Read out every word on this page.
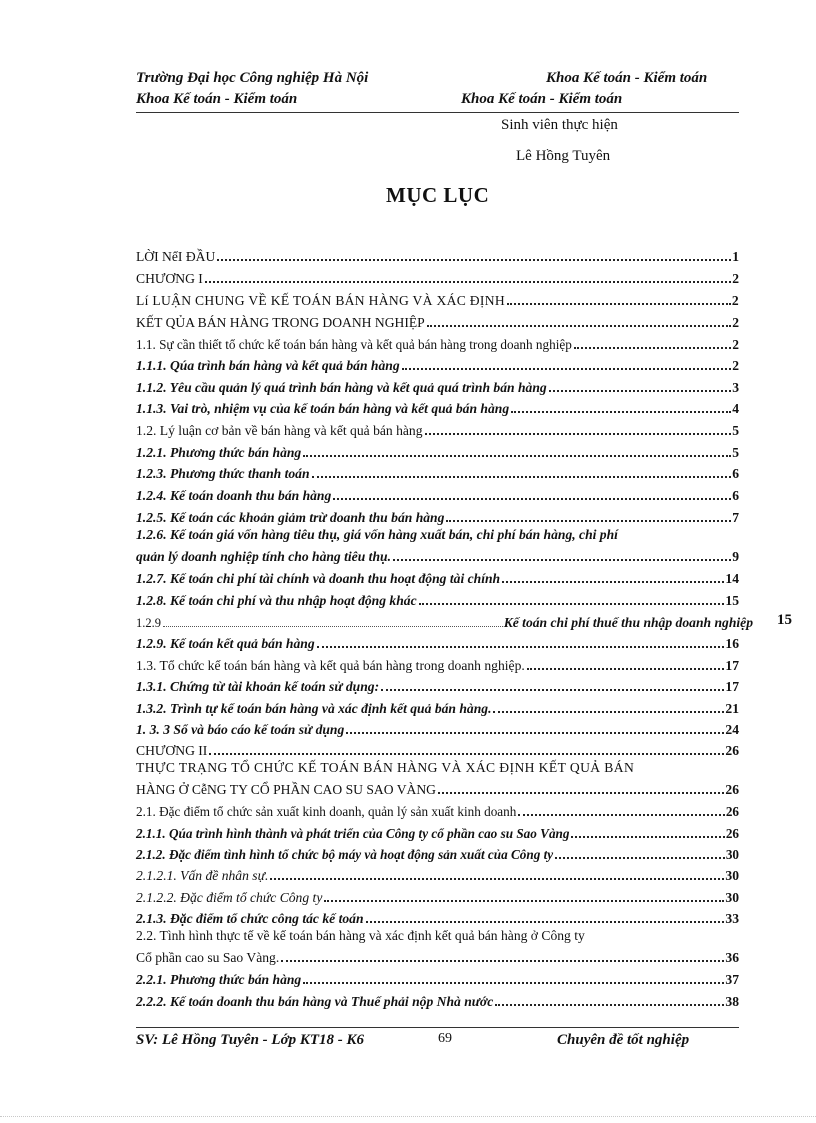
Trường Đại học Công nghiệp Hà Nội	Khoa Kế toán - Kiểm toán
Khoa Kế toán - Kiểm toán	Khoa Kế toán - Kiểm toán
Sinh viên thực hiện
Lê Hồng Tuyên
MỤC LỤC
LỜI NểI ĐẦU	1
CHƯƠNG I	2
Lí LUẬN CHUNG VỀ KẾ TOÁN BÁN HÀNG VÀ XÁC ĐỊNH	2
KẾT QỦA BÁN HÀNG TRONG DOANH NGHIỆP	2
1.1. Sự cần thiết tổ chức kế toán bán hàng và kết quả bán hàng trong doanh nghiệp	2
1.1.1. Qúa trình bán hàng và kết quả bán hàng	2
1.1.2. Yêu cầu quản lý quá trình bán hàng và kết quả quá trình bán hàng	3
1.1.3. Vai trò, nhiệm vụ của kế toán bán hàng và kết quả bán hàng	4
1.2. Lý luận cơ bản về bán hàng và kết quả bán hàng	5
1.2.1. Phương thức bán hàng	5
1.2.3. Phương thức thanh toán	6
1.2.4. Kế toán doanh thu bán hàng	6
1.2.5. Kế toán các khoản giảm trừ doanh thu bán hàng	7
1.2.6. Kế toán giá vốn hàng tiêu thụ, giá vốn hàng xuất bán, chi phí bán hàng, chi phí
quản lý doanh nghiệp tính cho hàng tiêu thụ.	9
1.2.7. Kế toán chi phí tài chính và doanh thu hoạt động tài chính	14
1.2.8. Kế toán chi phí và thu nhập hoạt động khác	15
1.2.9	Kế toán chi phí thuế thu nhập doanh nghiệp 15
1.2.9. Kế toán kết quả bán hàng	16
1.3. Tổ chức kế toán bán hàng và kết quả bán hàng trong doanh nghiệp.	17
1.3.1. Chứng từ tài khoản kế toán sử dụng:	17
1.3.2. Trình tự kế toán bán hàng và xác định kết quả bán hàng.	21
1. 3. 3 Sổ và báo cáo kế toán sử dụng	24
CHƯƠNG II	26
THỰC TRẠNG TỔ CHỨC KẾ TOÁN BÁN HÀNG VÀ XÁC ĐỊNH KẾT QUẢ BÁN
HÀNG Ở CễNG TY CỔ PHẦN CAO SU SAO VÀNG	26
2.1. Đặc điểm tổ chức sản xuất kinh doanh, quản lý sản xuất kinh doanh	26
2.1.1. Qúa trình hình thành và phát triển của Công ty cổ phần cao su Sao Vàng	26
2.1.2. Đặc điểm tình hình tổ chức bộ máy và hoạt động sản xuất của Công ty	30
2.1.2.1. Vấn đề nhân sự.	30
2.1.2.2. Đặc điểm tổ chức Công ty	30
2.1.3. Đặc điểm tổ chức công tác kế toán	33
2.2. Tình hình thực tế về kế toán bán hàng và xác định kết quả bán hàng ở Công ty
Cổ phần cao su Sao Vàng.	36
2.2.1. Phương thức bán hàng	37
2.2.2. Kế toán doanh thu bán hàng và Thuế phải nộp Nhà nước	38
SV: Lê Hồng Tuyên - Lớp KT18 - K6	69	Chuyên đề tốt nghiệp
